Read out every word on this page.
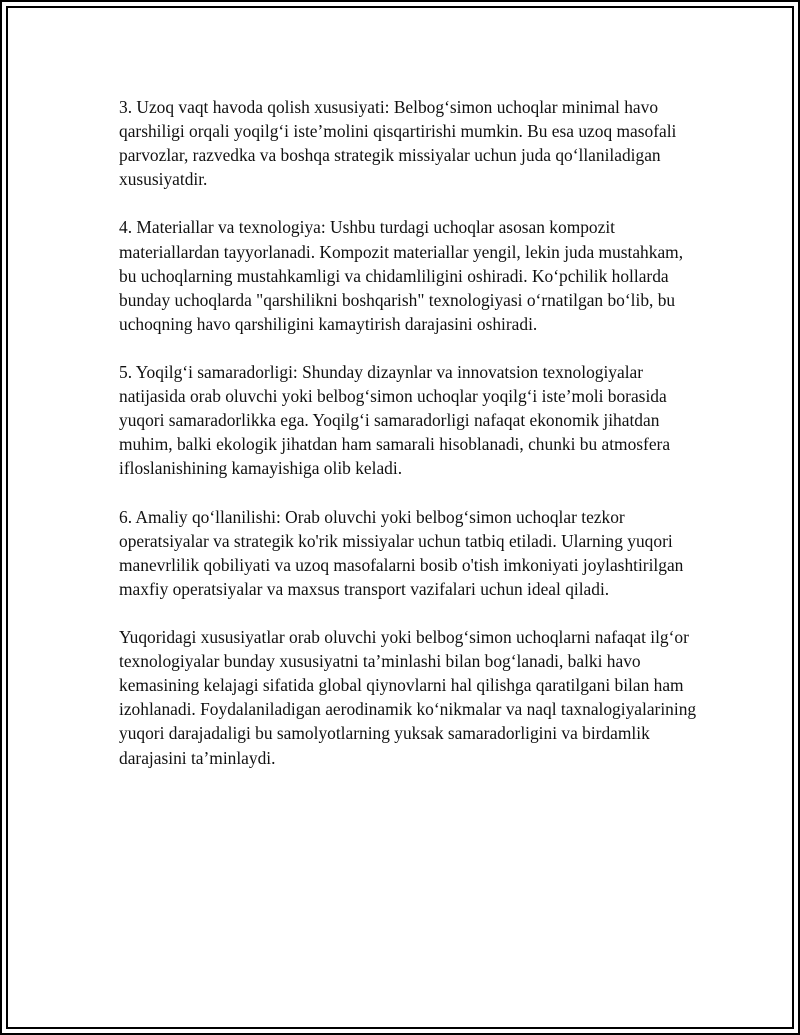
3. Uzoq vaqt havoda qolish xususiyati: Belbog‘simon uchoqlar minimal havo qarshiligi orqali yoqilg‘i iste’molini qisqartirishi mumkin. Bu esa uzoq masofali parvozlar, razvedka va boshqa strategik missiyalar uchun juda qo‘llaniladigan xususiyatdir.

4. Materiallar va texnologiya: Ushbu turdagi uchoqlar asosan kompozit materiallardan tayyorlanadi. Kompozit materiallar yengil, lekin juda mustahkam, bu uchoqlarning mustahkamligi va chidamliligini oshiradi. Ko‘pchilik hollarda bunday uchoqlarda "qarshilikni boshqarish" texnologiyasi o‘rnatilgan bo‘lib, bu uchoqning havo qarshiligini kamaytirish darajasini oshiradi.

5. Yoqilg‘i samaradorligi: Shunday dizaynlar va innovatsion texnologiyalar natijasida orab oluvchi yoki belbog‘simon uchoqlar yoqilg‘i iste’moli borasida yuqori samaradorlikka ega. Yoqilg‘i samaradorligi nafaqat ekonomik jihatdan muhim, balki ekologik jihatdan ham samarali hisoblanadi, chunki bu atmosfera ifloslanishining kamayishiga olib keladi.

6. Amaliy qo‘llanilishi: Orab oluvchi yoki belbog‘simon uchoqlar tezkor operatsiyalar va strategik ko'rik missiyalar uchun tatbiq etiladi. Ularning yuqori manevrlilik qobiliyati va uzoq masofalarni bosib o'tish imkoniyati joylashtirilgan maxfiy operatsiyalar va maxsus transport vazifalari uchun ideal qiladi.

Yuqoridagi xususiyatlar orab oluvchi yoki belbog‘simon uchoqlarni nafaqat ilg‘or texnologiyalar bunday xususiyatni ta’minlashi bilan bog‘lanadi, balki havo kemasining kelajagi sifatida global qiynovlarni hal qilishga qaratilgani bilan ham izohlanadi. Foydalaniladigan aerodinamik ko‘nikmalar va naql taxnalogiyalarining yuqori darajadaligi bu samolyotlarning yuksak samaradorligini va birdamlik darajasini ta’minlaydi.
